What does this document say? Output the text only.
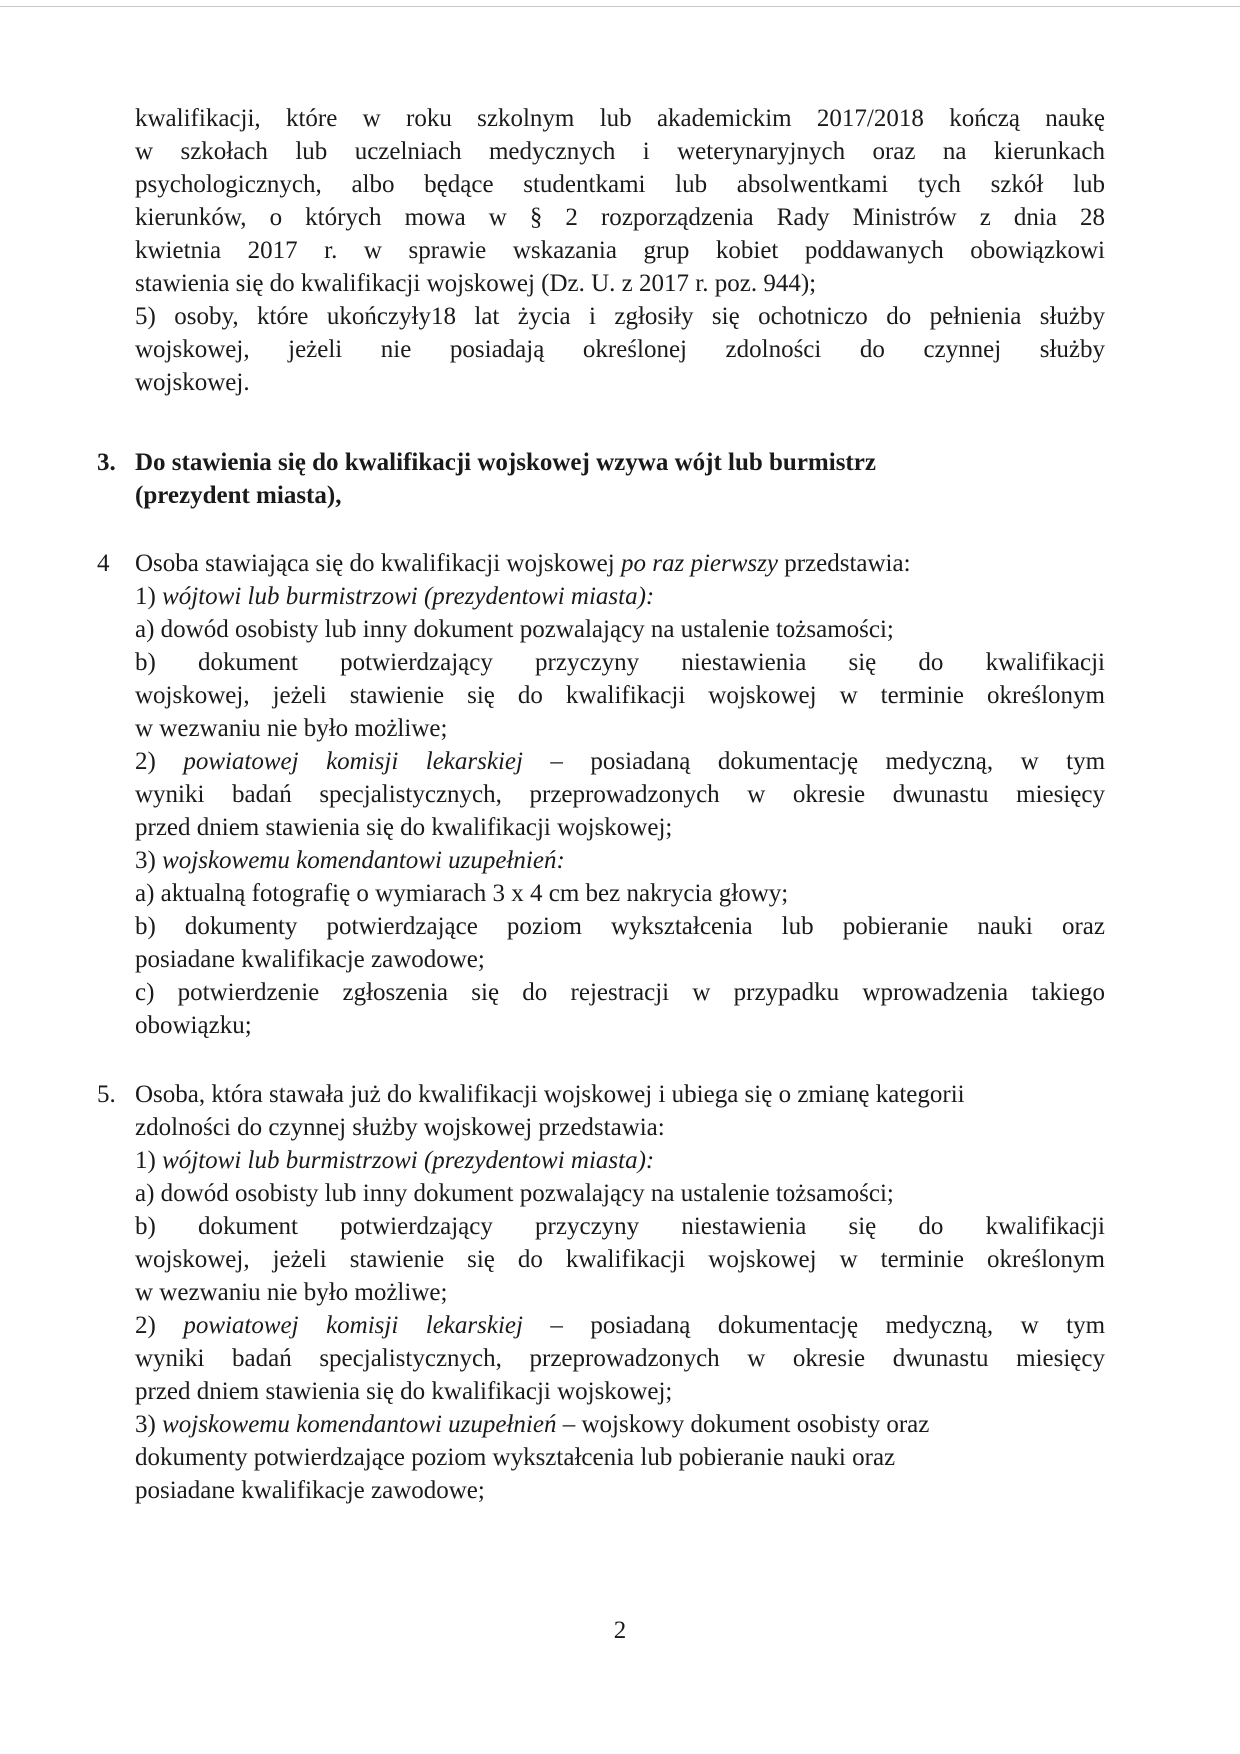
kwalifikacji, które w roku szkolnym lub akademickim 2017/2018 kończą naukę
w szkołach lub uczelniach medycznych i weterynaryjnych oraz na kierunkach
psychologicznych, albo będące studentkami lub absolwentkami tych szkół lub
kierunków, o których mowa w § 2 rozporządzenia Rady Ministrów z dnia 28
kwietnia 2017 r. w sprawie wskazania grup kobiet poddawanych obowiązkowi
stawienia się do kwalifikacji wojskowej (Dz. U. z 2017 r. poz. 944);
5) osoby, które ukończyły18 lat życia i zgłosiły się ochotniczo do pełnienia służby
wojskowej, jeżeli nie posiadają określonej zdolności do czynnej służby
wojskowej.
3. Do stawienia się do kwalifikacji wojskowej wzywa wójt lub burmistrz
(prezydent miasta),
4 Osoba stawiająca się do kwalifikacji wojskowej po raz pierwszy przedstawia:
1) wójtowi lub burmistrzowi (prezydentowi miasta):
a) dowód osobisty lub inny dokument pozwalający na ustalenie tożsamości;
b) dokument potwierdzający przyczyny niestawienia się do kwalifikacji
wojskowej, jeżeli stawienie się do kwalifikacji wojskowej w terminie określonym
w wezwaniu nie było możliwe;
2) powiatowej komisji lekarskiej – posiadaną dokumentację medyczną, w tym
wyniki badań specjalistycznych, przeprowadzonych w okresie dwunastu miesięcy
przed dniem stawienia się do kwalifikacji wojskowej;
3) wojskowemu komendantowi uzupełnień:
a) aktualną fotografię o wymiarach 3 x 4 cm bez nakrycia głowy;
b) dokumenty potwierdzające poziom wykształcenia lub pobieranie nauki oraz
posiadane kwalifikacje zawodowe;
c) potwierdzenie zgłoszenia się do rejestracji w przypadku wprowadzenia takiego
obowiązku;
5. Osoba, która stawała już do kwalifikacji wojskowej i ubiega się o zmianę kategorii
zdolności do czynnej służby wojskowej przedstawia:
1) wójtowi lub burmistrzowi (prezydentowi miasta):
a) dowód osobisty lub inny dokument pozwalający na ustalenie tożsamości;
b) dokument potwierdzający przyczyny niestawienia się do kwalifikacji
wojskowej, jeżeli stawienie się do kwalifikacji wojskowej w terminie określonym
w wezwaniu nie było możliwe;
2) powiatowej komisji lekarskiej – posiadaną dokumentację medyczną, w tym
wyniki badań specjalistycznych, przeprowadzonych w okresie dwunastu miesięcy
przed dniem stawienia się do kwalifikacji wojskowej;
3) wojskowemu komendantowi uzupełnień – wojskowy dokument osobisty oraz
dokumenty potwierdzające poziom wykształcenia lub pobieranie nauki oraz
posiadane kwalifikacje zawodowe;
2
